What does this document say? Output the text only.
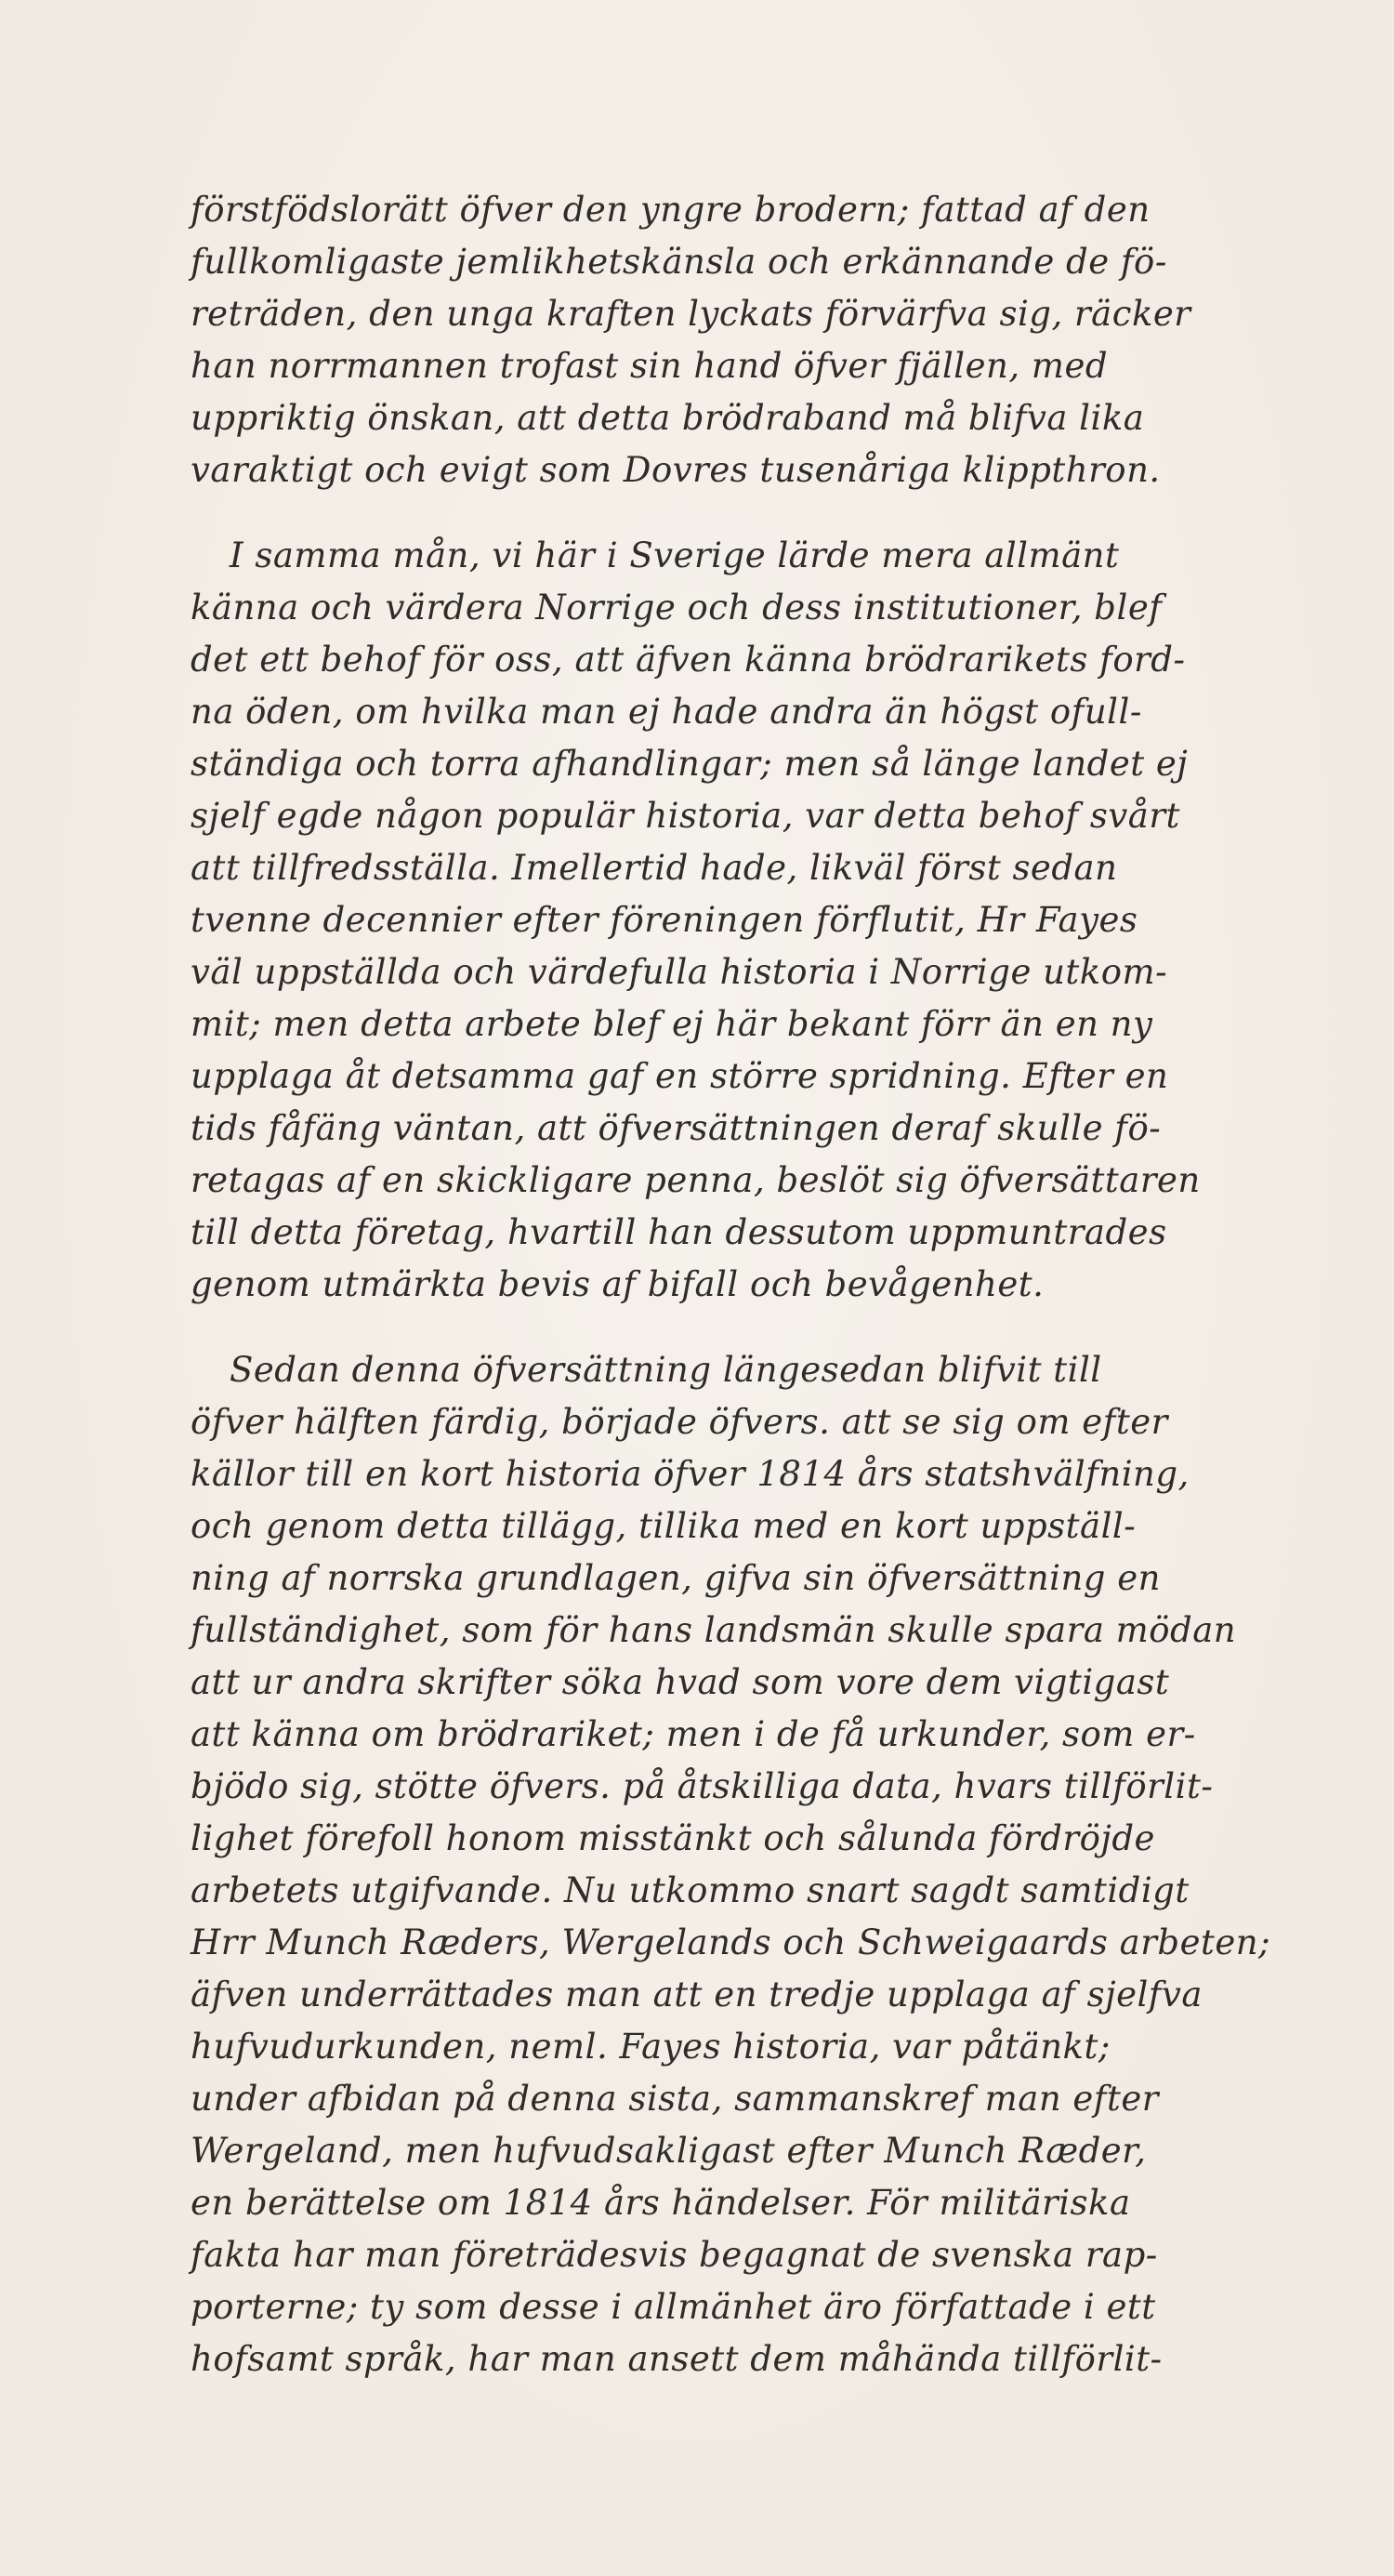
förstfödslorätt öfver den yngre brodern; fattad af den
fullkomligaste jemlikhetskänsla och erkännande de fö-
reträden, den unga kraften lyckats förvärfva sig, räcker
han norrmannen trofast sin hand öfver fjällen, med
uppriktig önskan, att detta brödraband må blifva lika
varaktigt och evigt som Dovres tusenåriga klippthron.
I samma mån, vi här i Sverige lärde mera allmänt
känna och värdera Norrige och dess institutioner, blef
det ett behof för oss, att äfven känna brödrarikets ford-
na öden, om hvilka man ej hade andra än högst ofull-
ständiga och torra afhandlingar; men så länge landet ej
sjelf egde någon populär historia, var detta behof svårt
att tillfredsställa. Imellertid hade, likväl först sedan
tvenne decennier efter föreningen förflutit, Hr Fayes
väl uppställda och värdefulla historia i Norrige utkom-
mit; men detta arbete blef ej här bekant förr än en ny
upplaga åt detsamma gaf en större spridning. Efter en
tids fåfäng väntan, att öfversättningen deraf skulle fö-
retagas af en skickligare penna, beslöt sig öfversättaren
till detta företag, hvartill han dessutom uppmuntrades
genom utmärkta bevis af bifall och bevågenhet.
Sedan denna öfversättning längesedan blifvit till
öfver hälften färdig, började öfvers. att se sig om efter
källor till en kort historia öfver 1814 års statshvälfning,
och genom detta tillägg, tillika med en kort uppställ-
ning af norrska grundlagen, gifva sin öfversättning en
fullständighet, som för hans landsmän skulle spara mödan
att ur andra skrifter söka hvad som vore dem vigtigast
att känna om brödrariket; men i de få urkunder, som er-
bjödo sig, stötte öfvers. på åtskilliga data, hvars tillförlit-
lighet förefoll honom misstänkt och sålunda fördröjde
arbetets utgifvande. Nu utkommo snart sagdt samtidigt
Hrr Munch Ræders, Wergelands och Schweigaards arbeten;
äfven underrättades man att en tredje upplaga af sjelfva
hufvudurkunden, neml. Fayes historia, var påtänkt;
under afbidan på denna sista, sammanskref man efter
Wergeland, men hufvudsakligast efter Munch Ræder,
en berättelse om 1814 års händelser. För militäriska
fakta har man företrädesvis begagnat de svenska rap-
porterne; ty som desse i allmänhet äro författade i ett
hofsamt språk, har man ansett dem måhända tillförlit-
